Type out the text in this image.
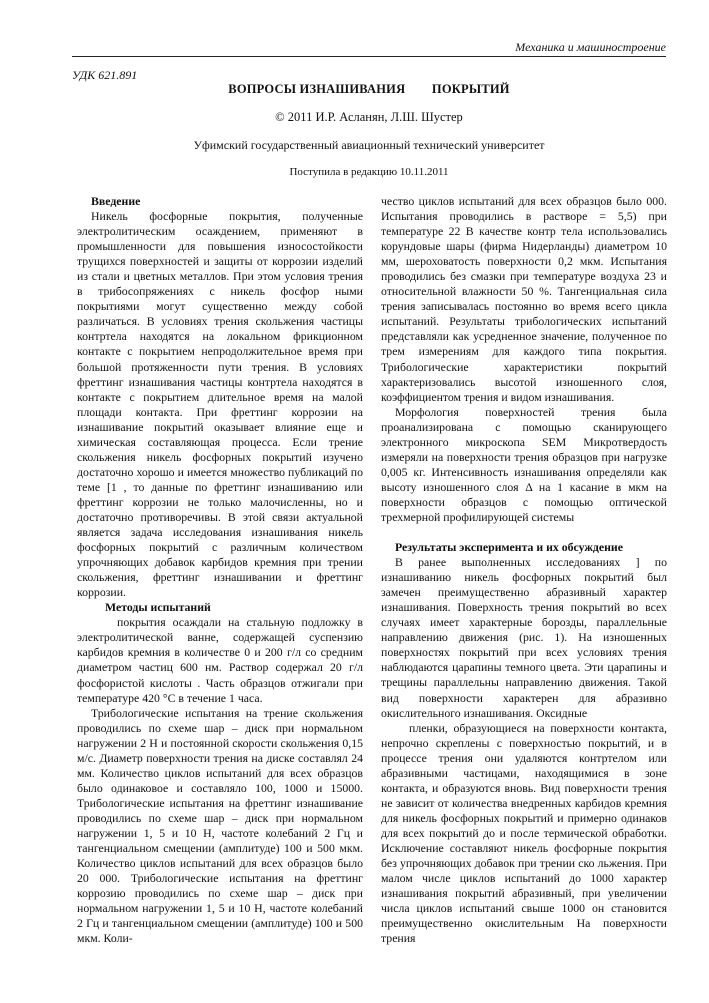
Механика и машиностроение
УДК 621.891
ВОПРОСЫ ИЗНАШИВАНИЯ        ПОКРЫТИЙ
© 2011 И.Р. Асланян, Л.Ш. Шустер
Уфимский государственный авиационный технический университет
Поступила в редакцию 10.11.2011

Введение

Никель фосфорные покрытия, полученные электролитическим осаждением, применяют в промышленности для повышения износостойкости трущихся поверхностей и защиты от коррозии изделий из стали и цветных металлов. При этом условия трения в трибосопряжениях с никель фосфор ными покрытиями могут существенно между собой различаться. В условиях трения скольжения частицы контртела находятся на локальном фрикционном контакте с покрытием непродолжительное время при большой протяженности пути трения. В условиях фреттинг изнашивания частицы контртела находятся в контакте с покрытием длительное время на малой площади контакта. При фреттинг коррозии на изнашивание покрытий оказывает влияние еще и химическая составляющая процесса. Если трение скольжения никель фосфорных покрытий изучено достаточно хорошо и имеется множество публикаций по теме [1 , то данные по фреттинг изнашиванию или фреттинг коррозии не только малочисленны, но и достаточно противоречивы. В этой связи актуальной является задача исследования изнашивания никель фосфорных покрытий с различным количеством упрочняющих добавок карбидов кремния при трении скольжения, фреттинг изнашивании и фреттинг коррозии.

Методы испытаний

покрытия осаждали на стальную подложку в электролитической ванне, содержащей суспензию карбидов кремния в количестве 0 и 200 г/л со средним диаметром частиц 600 нм. Раствор содержал 20 г/л фосфористой кислоты . Часть образцов отжигали при температуре 420 °С в течение 1 часа.

Трибологические испытания на трение скольжения проводились по схеме шар – диск при нормальном нагружении 2 Н и постоянной скорости скольжения 0,15 м/с. Диаметр поверхности трения на диске составлял 24 мм. Количество циклов испытаний для всех образцов было одинаковое и составляло 100, 1000 и 15000. Трибологические испытания на фреттинг изнашивание проводились по схеме шар – диск при нормальном нагружении 1, 5 и 10 Н, частоте колебаний 2 Гц и тангенциальном смещении (амплитуде) 100 и 500 мкм. Количество циклов испытаний для всех образцов было 20 000. Трибологические испытания на фреттинг коррозию проводились по схеме шар – диск при нормальном нагружении 1, 5 и 10 Н, частоте колебаний 2 Гц и тангенциальном смещении (амплитуде) 100 и 500 мкм. Коли-

чество циклов испытаний для всех образцов было 000. Испытания проводились в растворе = 5,5) при температуре 22 В качестве контр тела использовались корундовые шары (фирма Нидерланды) диаметром 10 мм, шероховатость поверхности 0,2 мкм. Испытания проводились без смазки при температуре воздуха 23 и относительной влажности 50 %. Тангенциальная сила трения записывалась постоянно во время всего цикла испытаний. Результаты трибологических испытаний представляли как усредненное значение, полученное по трем измерениям для каждого типа покрытия. Трибологические характеристики покрытий характеризовались высотой изношенного слоя, коэффициентом трения и видом изнашивания.

Морфология поверхностей трения была проанализирована с помощью сканирующего электронного микроскопа SEM Микротвердость измеряли на поверхности трения образцов при нагрузке 0,005 кг. Интенсивность изнашивания определяли как высоту изношенного слоя Δ на 1 касание в мкм на поверхности образцов с помощью оптической трехмерной профилирующей системы

Результаты эксперимента и их обсуждение

В ранее выполненных исследованиях ] по изнашиванию никель фосфорных покрытий был замечен преимущественно абразивный характер изнашивания. Поверхность трения покрытий во всех случаях имеет характерные борозды, параллельные направлению движения (рис. 1). На изношенных поверхностях покрытий при всех условиях трения наблюдаются царапины темного цвета. Эти царапины и трещины параллельны направлению движения. Такой вид поверхности характерен для абразивно окислительного изнашивания. Оксидные

пленки, образующиеся на поверхности контакта, непрочно скреплены с поверхностью покрытий, и в процессе трения они удаляются контртелом или абразивными частицами, находящимися в зоне контакта, и образуются вновь. Вид поверхности трения не зависит от количества внедренных карбидов кремния для никель фосфорных покрытий и примерно одинаков для всех покрытий до и после термической обработки. Исключение составляют никель фосфорные покрытия без упрочняющих добавок при трении ско льжения. При малом числе циклов испытаний до 1000 характер изнашивания покрытий абразивный, при увеличении числа циклов испытаний свыше 1000 он становится преимущественно окислительным На поверхности трения
